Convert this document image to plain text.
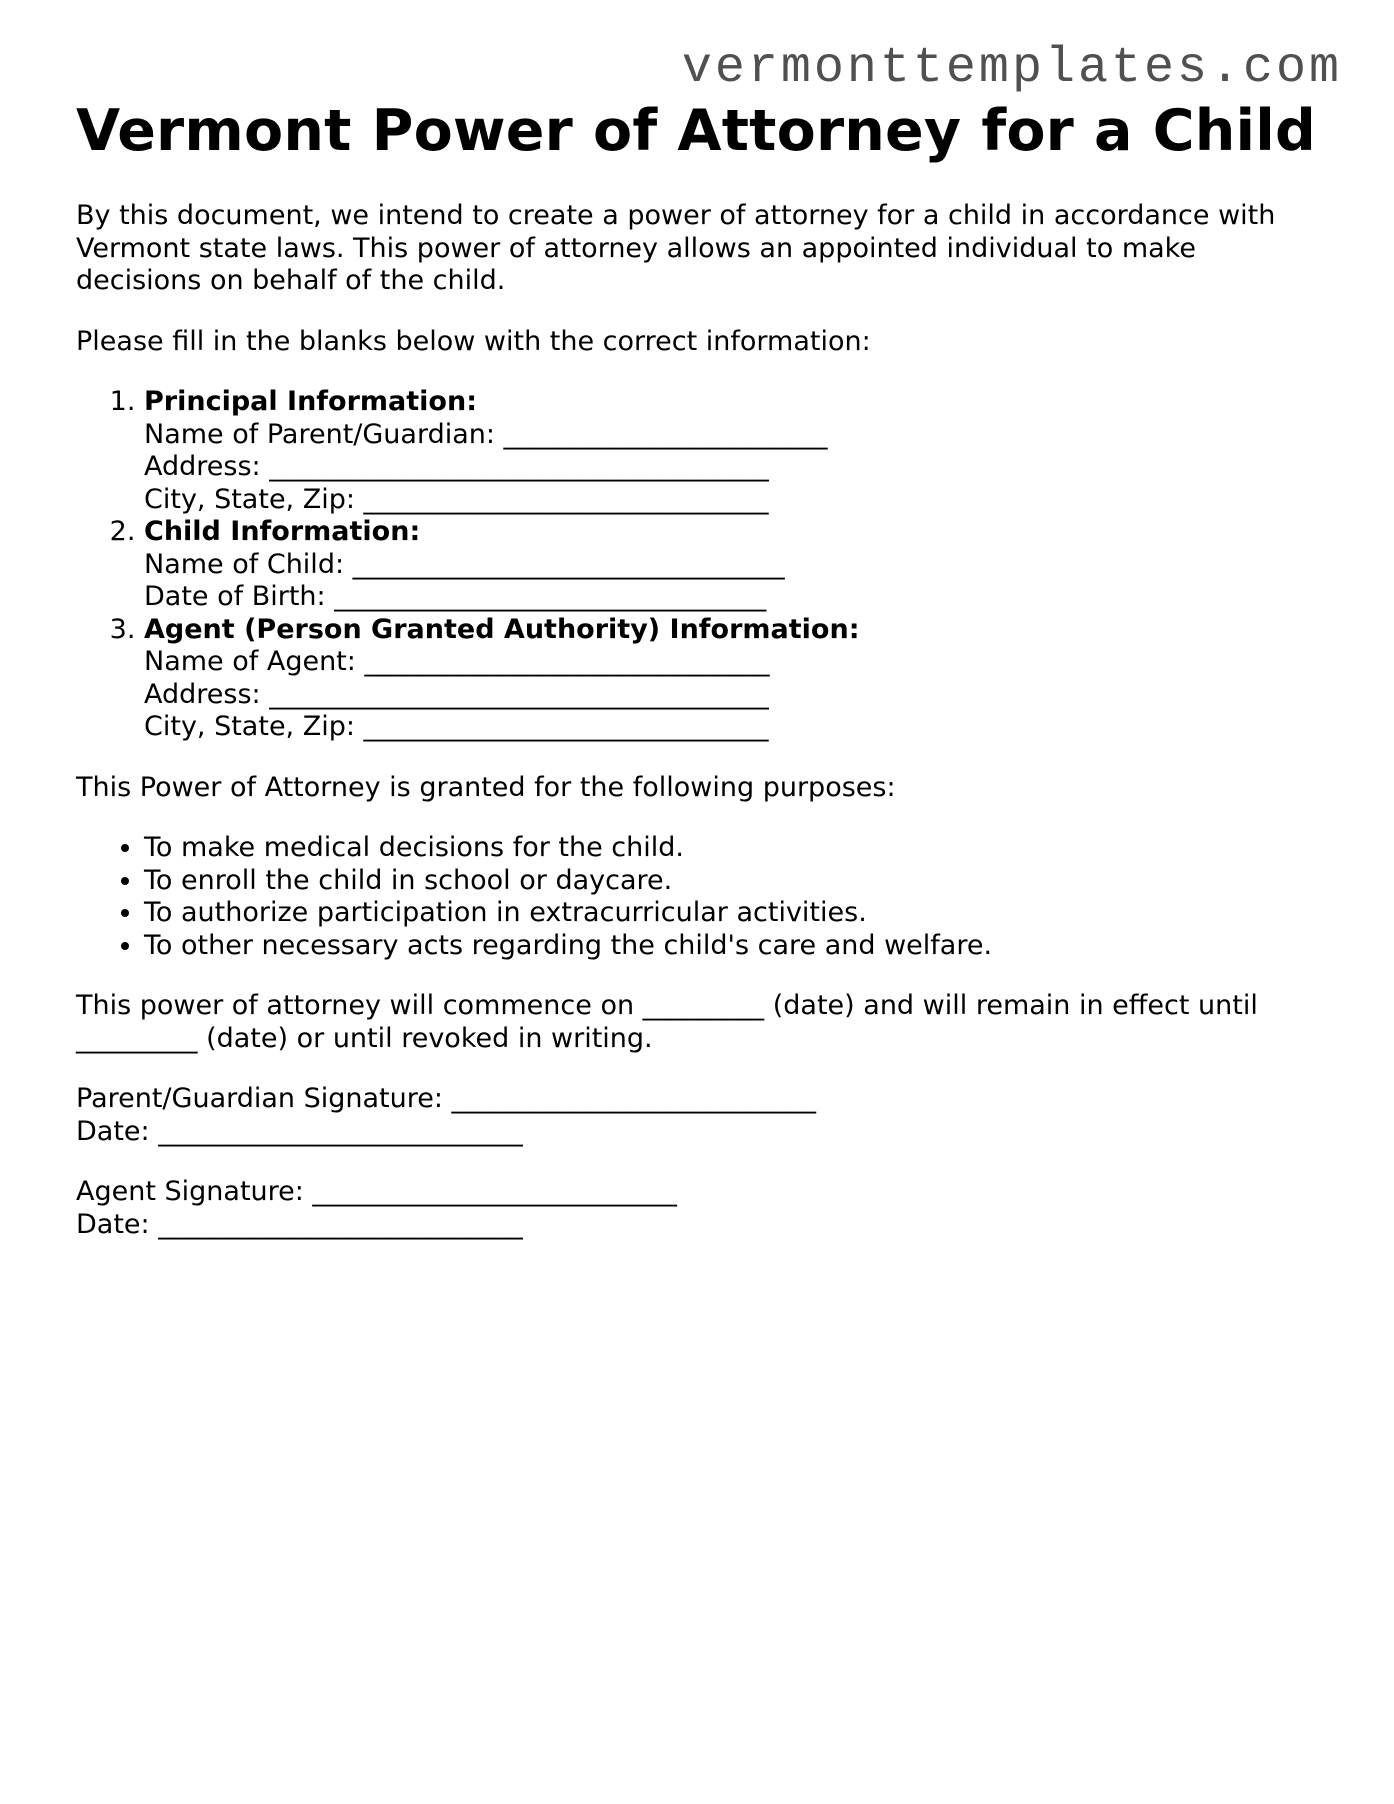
vermonttemplates.com
Vermont Power of Attorney for a Child

By this document, we intend to create a power of attorney for a child in accordance with Vermont state laws. This power of attorney allows an appointed individual to make decisions on behalf of the child.

Please fill in the blanks below with the correct information:

1. Principal Information:
Name of Parent/Guardian: ________________________
Address: _____________________________________
City, State, Zip: ______________________________
2. Child Information:
Name of Child: ________________________________
Date of Birth: ________________________________
3. Agent (Person Granted Authority) Information:
Name of Agent: ______________________________
Address: _____________________________________
City, State, Zip: ______________________________

This Power of Attorney is granted for the following purposes:

• To make medical decisions for the child.
• To enroll the child in school or daycare.
• To authorize participation in extracurricular activities.
• To other necessary acts regarding the child's care and welfare.

This power of attorney will commence on _________ (date) and will remain in effect until _________ (date) or until revoked in writing.

Parent/Guardian Signature: ___________________________
Date: ___________________________

Agent Signature: ___________________________
Date: ___________________________
